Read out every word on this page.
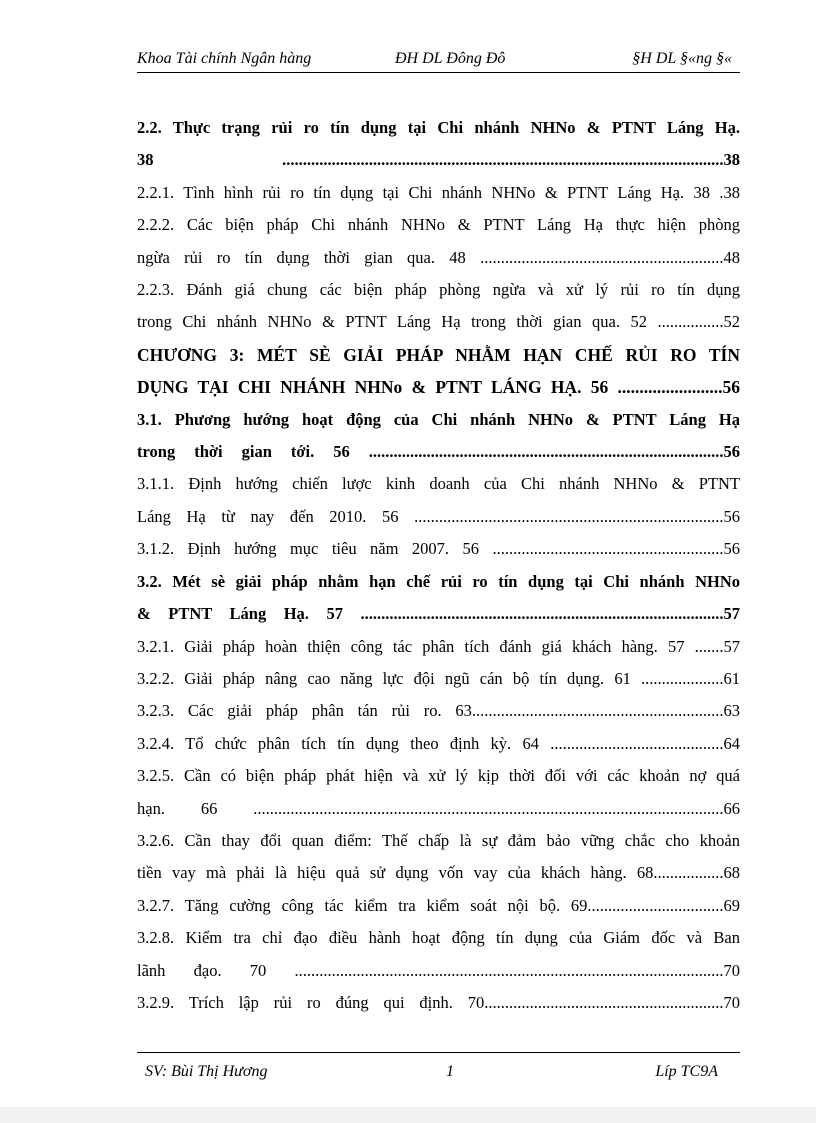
Khoa Tài chính Ngân hàng	ĐH DL Đông Đô	§H DL §«ng §«
2.2. Thực trạng rủi ro tín dụng tại Chi nhánh NHNo & PTNT Láng Hạ.
38 ...........................................................................................................38
2.2.1. Tình hình rủi ro tín dụng tại Chi nhánh NHNo & PTNT Láng Hạ. 38 .38
2.2.2. Các biện pháp Chi nhánh NHNo & PTNT Láng Hạ thực hiện phòng
ngừa rủi ro tín dụng thời gian qua. 48 ...........................................................48
2.2.3. Đánh giá chung các biện pháp phòng ngừa và xử lý rủi ro tín dụng
trong Chi nhánh NHNo & PTNT Láng Hạ trong thời gian qua. 52 ................52
CHƯƠNG 3: MÉT SÈ GIẢI PHÁP NHẰM HẠN CHẾ RỦI RO TÍN
DỤNG TẠI CHI NHÁNH NHNo & PTNT LÁNG HẠ. 56 ........................56
3.1. Phương hướng hoạt động của Chi nhánh NHNo & PTNT Láng Hạ
trong thời gian tới. 56 ......................................................................................56
3.1.1. Định hướng chiến lược kinh doanh của Chi nhánh NHNo & PTNT
Láng Hạ từ nay đến 2010. 56 ...........................................................................56
3.1.2. Định hướng mục tiêu năm 2007. 56 ........................................................56
3.2. Mét sè giải pháp nhằm hạn chế rủi ro tín dụng tại Chi nhánh NHNo
& PTNT Láng Hạ. 57 ........................................................................................57
3.2.1. Giải pháp hoàn thiện công tác phân tích đánh giá khách hàng. 57 .......57
3.2.2. Giải pháp nâng cao năng lực đội ngũ cán bộ tín dụng. 61 ....................61
3.2.3. Các giải pháp phân tán rủi ro. 63.............................................................63
3.2.4. Tổ chức phân tích tín dụng theo định kỳ. 64 ..........................................64
3.2.5. Cần có biện pháp phát hiện và xử lý kịp thời đối với các khoản nợ quá
hạn. 66 ..................................................................................................................66
3.2.6. Cần thay đổi quan điểm: Thế chấp là sự đảm bảo vững chắc cho khoản
tiền vay mà phải là hiệu quả sử dụng vốn vay của khách hàng. 68.................68
3.2.7. Tăng cường công tác kiểm tra kiểm soát nội bộ. 69.................................69
3.2.8. Kiểm tra chỉ đạo điều hành hoạt động tín dụng của Giám đốc và Ban
lãnh đạo. 70 ........................................................................................................70
3.2.9. Trích lập rủi ro đúng qui định. 70..........................................................70
SV: Bùi Thị Hương	1	Líp TC9A
